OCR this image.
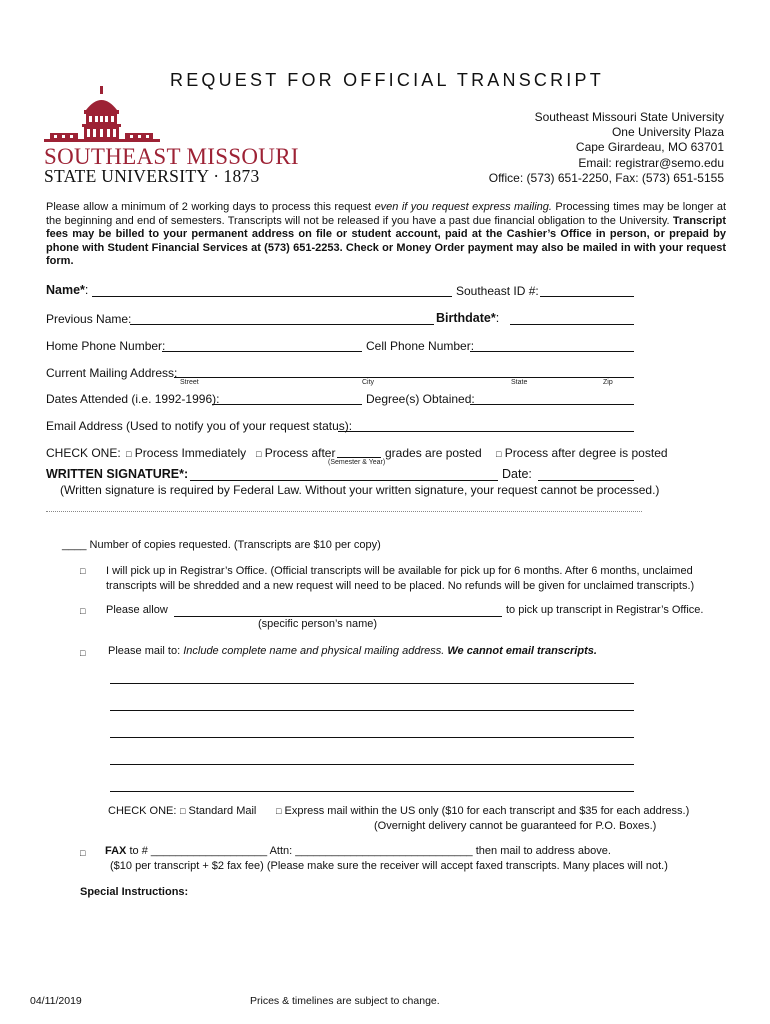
REQUEST FOR OFFICIAL TRANSCRIPT
SOUTHEAST MISSOURI
STATE UNIVERSITY · 1873
Southeast Missouri State University
One University Plaza
Cape Girardeau, MO 63701
Email: registrar@semo.edu
Office: (573) 651-2250, Fax: (573) 651-5155
Please allow a minimum of 2 working days to process this request even if you request express mailing. Processing times may be longer at the beginning and end of semesters. Transcripts will not be released if you have a past due financial obligation to the University. Transcript fees may be billed to your permanent address on file or student account, paid at the Cashier’s Office in person, or prepaid by phone with Student Financial Services at (573) 651-2253. Check or Money Order payment may also be mailed in with your request form.
Name*:	Southeast ID #:
Previous Name:	Birthdate*:
Home Phone Number:	Cell Phone Number:
Current Mailing Address:
Street	City	State	Zip
Dates Attended (i.e. 1992-1996):	Degree(s) Obtained:
Email Address (Used to notify you of your request status):
CHECK ONE: □ Process Immediately □ Process after	grades are posted
(Semester & Year)
□ Process after degree is posted
WRITTEN SIGNATURE*:	Date:
(Written signature is required by Federal Law. Without your written signature, your request cannot be processed.)
____ Number of copies requested. (Transcripts are $10 per copy)
□ I will pick up in Registrar’s Office. (Official transcripts will be available for pick up for 6 months. After 6 months, unclaimed
transcripts will be shredded and a new request will need to be placed. No refunds will be given for unclaimed transcripts.)
□ Please allow	to pick up transcript in Registrar’s Office.
(specific person’s name)
□ Please mail to: Include complete name and physical mailing address. We cannot email transcripts.
CHECK ONE: □ Standard Mail □ Express mail within the US only ($10 for each transcript and $35 for each address.)
(Overnight delivery cannot be guaranteed for P.O. Boxes.)
□ FAX to # ___________________ Attn: _____________________________ then mail to address above.
($10 per transcript + $2 fax fee) (Please make sure the receiver will accept faxed transcripts. Many places will not.)
Special Instructions:
04/11/2019	Prices & timelines are subject to change.
